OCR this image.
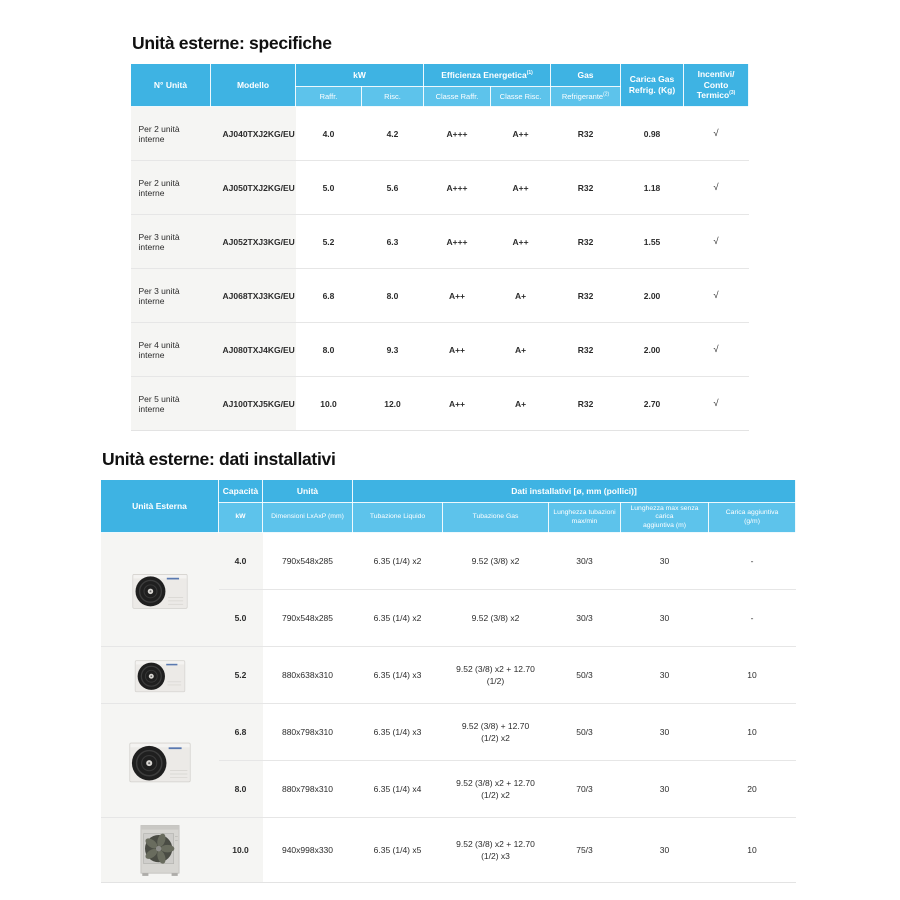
Unità esterne: specifiche
N° Unità	Modello	kW	Efficienza Energetica$^{(1)}$	Gas	Carica Gas
Refrig. (Kg)	
Incentivi/
Conto Termico$^{(3)}$

		Raffr.	Risc.	Classe Raffr.	Classe Risc.	Refrigerante$^{(2)}$
Per 2 unità interne	AJ040TXJ2KG/EU	4.0	4.2	A+++	A++	R32	0.98	√
Per 2 unità interne	AJ050TXJ2KG/EU	5.0	5.6	A+++	A++	R32	1.18	√
Per 3 unità interne	AJ052TXJ3KG/EU	5.2	6.3	A+++	A++	R32	1.55	√
Per 3 unità interne	AJ068TXJ3KG/EU	6.8	8.0	A++	A+	R32	2.00	√
Per 4 unità interne	AJ080TXJ4KG/EU	8.0	9.3	A++	A+	R32	2.00	√
Per 5 unità interne	AJ100TXJ5KG/EU	10.0	12.0	A++	A+	R32	2.70	√
Unità esterne: dati installativi
Unità Esterna	Capacità	Unità	Dati installativi [ø, mm (pollici)]				
	kW	Dimensioni LxAxP (mm)	Tubazione Liquido	Tubazione Gas	Lunghezza tubazioni
max/min	Lunghezza max senza carica
aggiuntiva (m)	Carica aggiuntiva
(g/m)

	4.0	790x548x285	6.35 (1/4) x2	9.52 (3/8) x2	30/3	30	-
	5.0	790x548x285	6.35 (1/4) x2	9.52 (3/8) x2	30/3	30	-

	5.2	880x638x310	6.35 (1/4) x3	9.52 (3/8) x2 + 12.70
(1/2)	50/3	30	10

	6.8	880x798x310	6.35 (1/4) x3	9.52 (3/8) + 12.70
(1/2) x2	50/3	30	10
	8.0	880x798x310	6.35 (1/4) x4	9.52 (3/8) x2 + 12.70
(1/2) x2	70/3	30	20

	10.0	940x998x330	6.35 (1/4) x5	9.52 (3/8) x2 + 12.70
(1/2) x3	75/3	30	10
